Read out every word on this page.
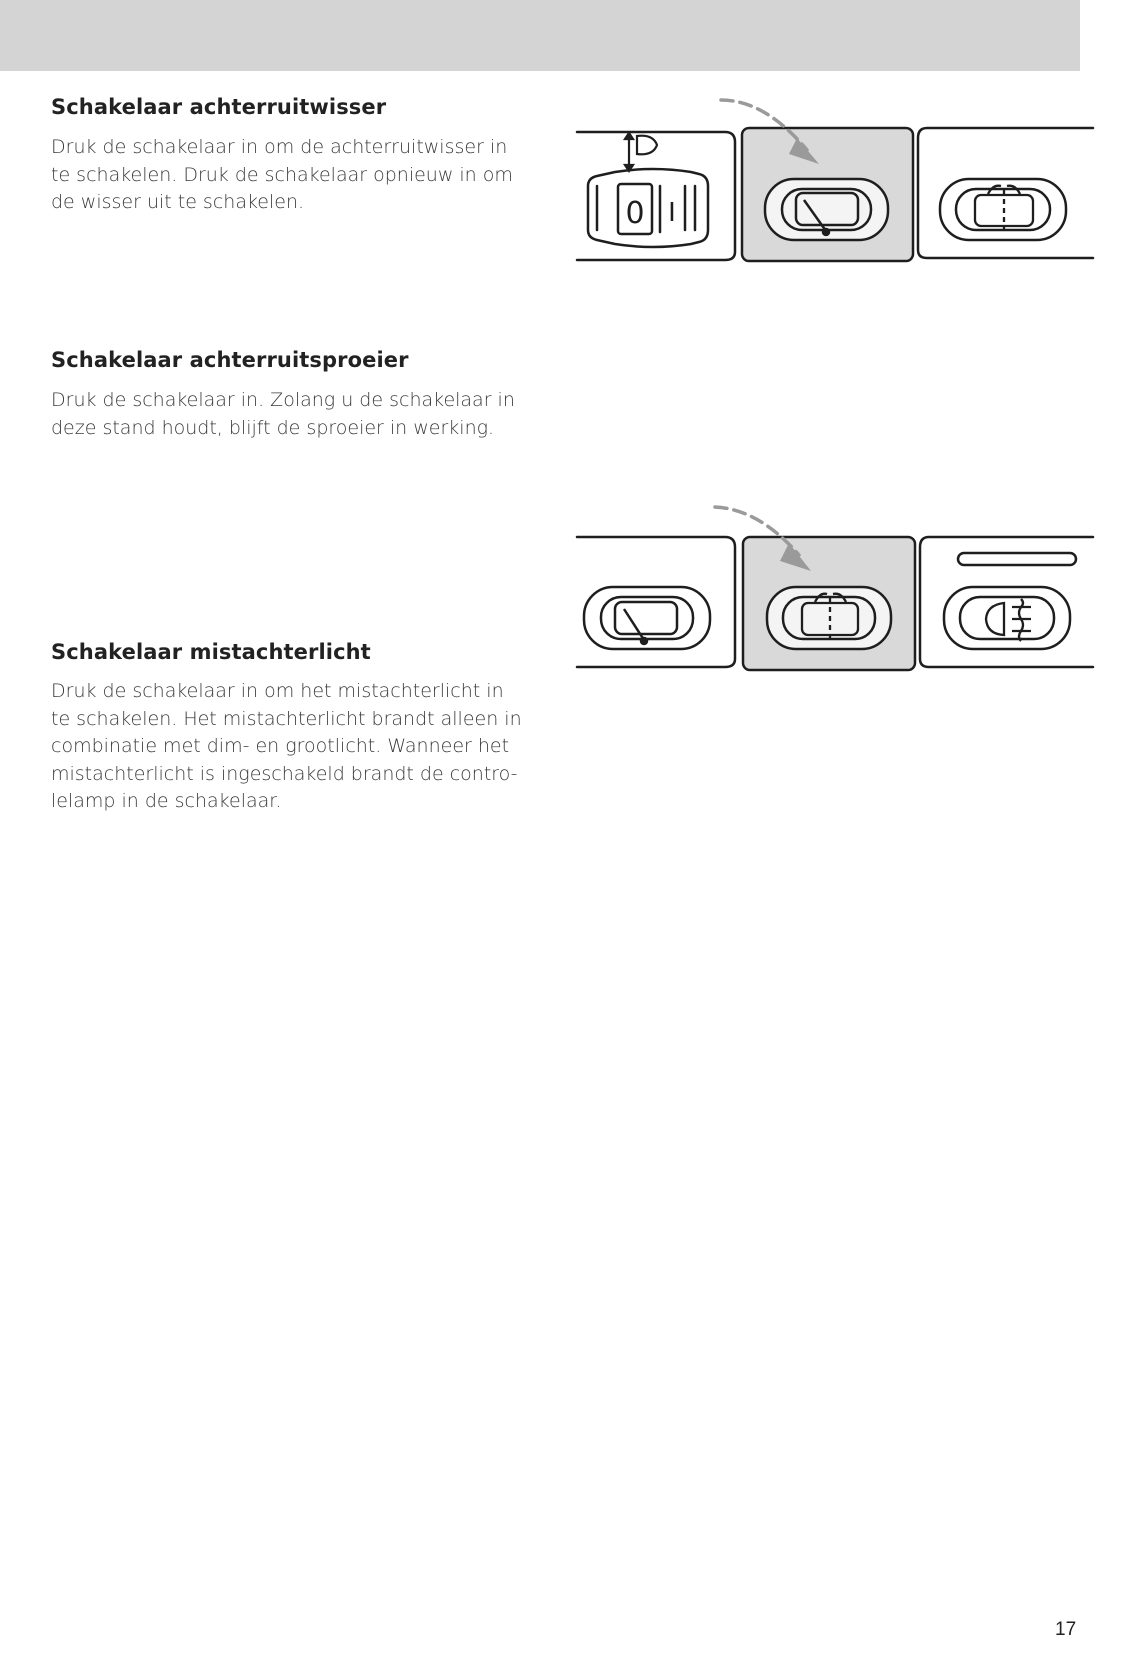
Schakelaar achterruitwisser

Druk de schakelaar in om de achterruitwisser in
te schakelen. Druk de schakelaar opnieuw in om
de wisser uit te schakelen.

Schakelaar achterruitsproeier

Druk de schakelaar in. Zolang u de schakelaar in
deze stand houdt, blijft de sproeier in werking.

Schakelaar mistachterlicht

Druk de schakelaar in om het mistachterlicht in
te schakelen. Het mistachterlicht brandt alleen in
combinatie met dim- en grootlicht. Wanneer het
mistachterlicht is ingeschakeld brandt de contro-
lelamp in de schakelaar.

0 I
17
